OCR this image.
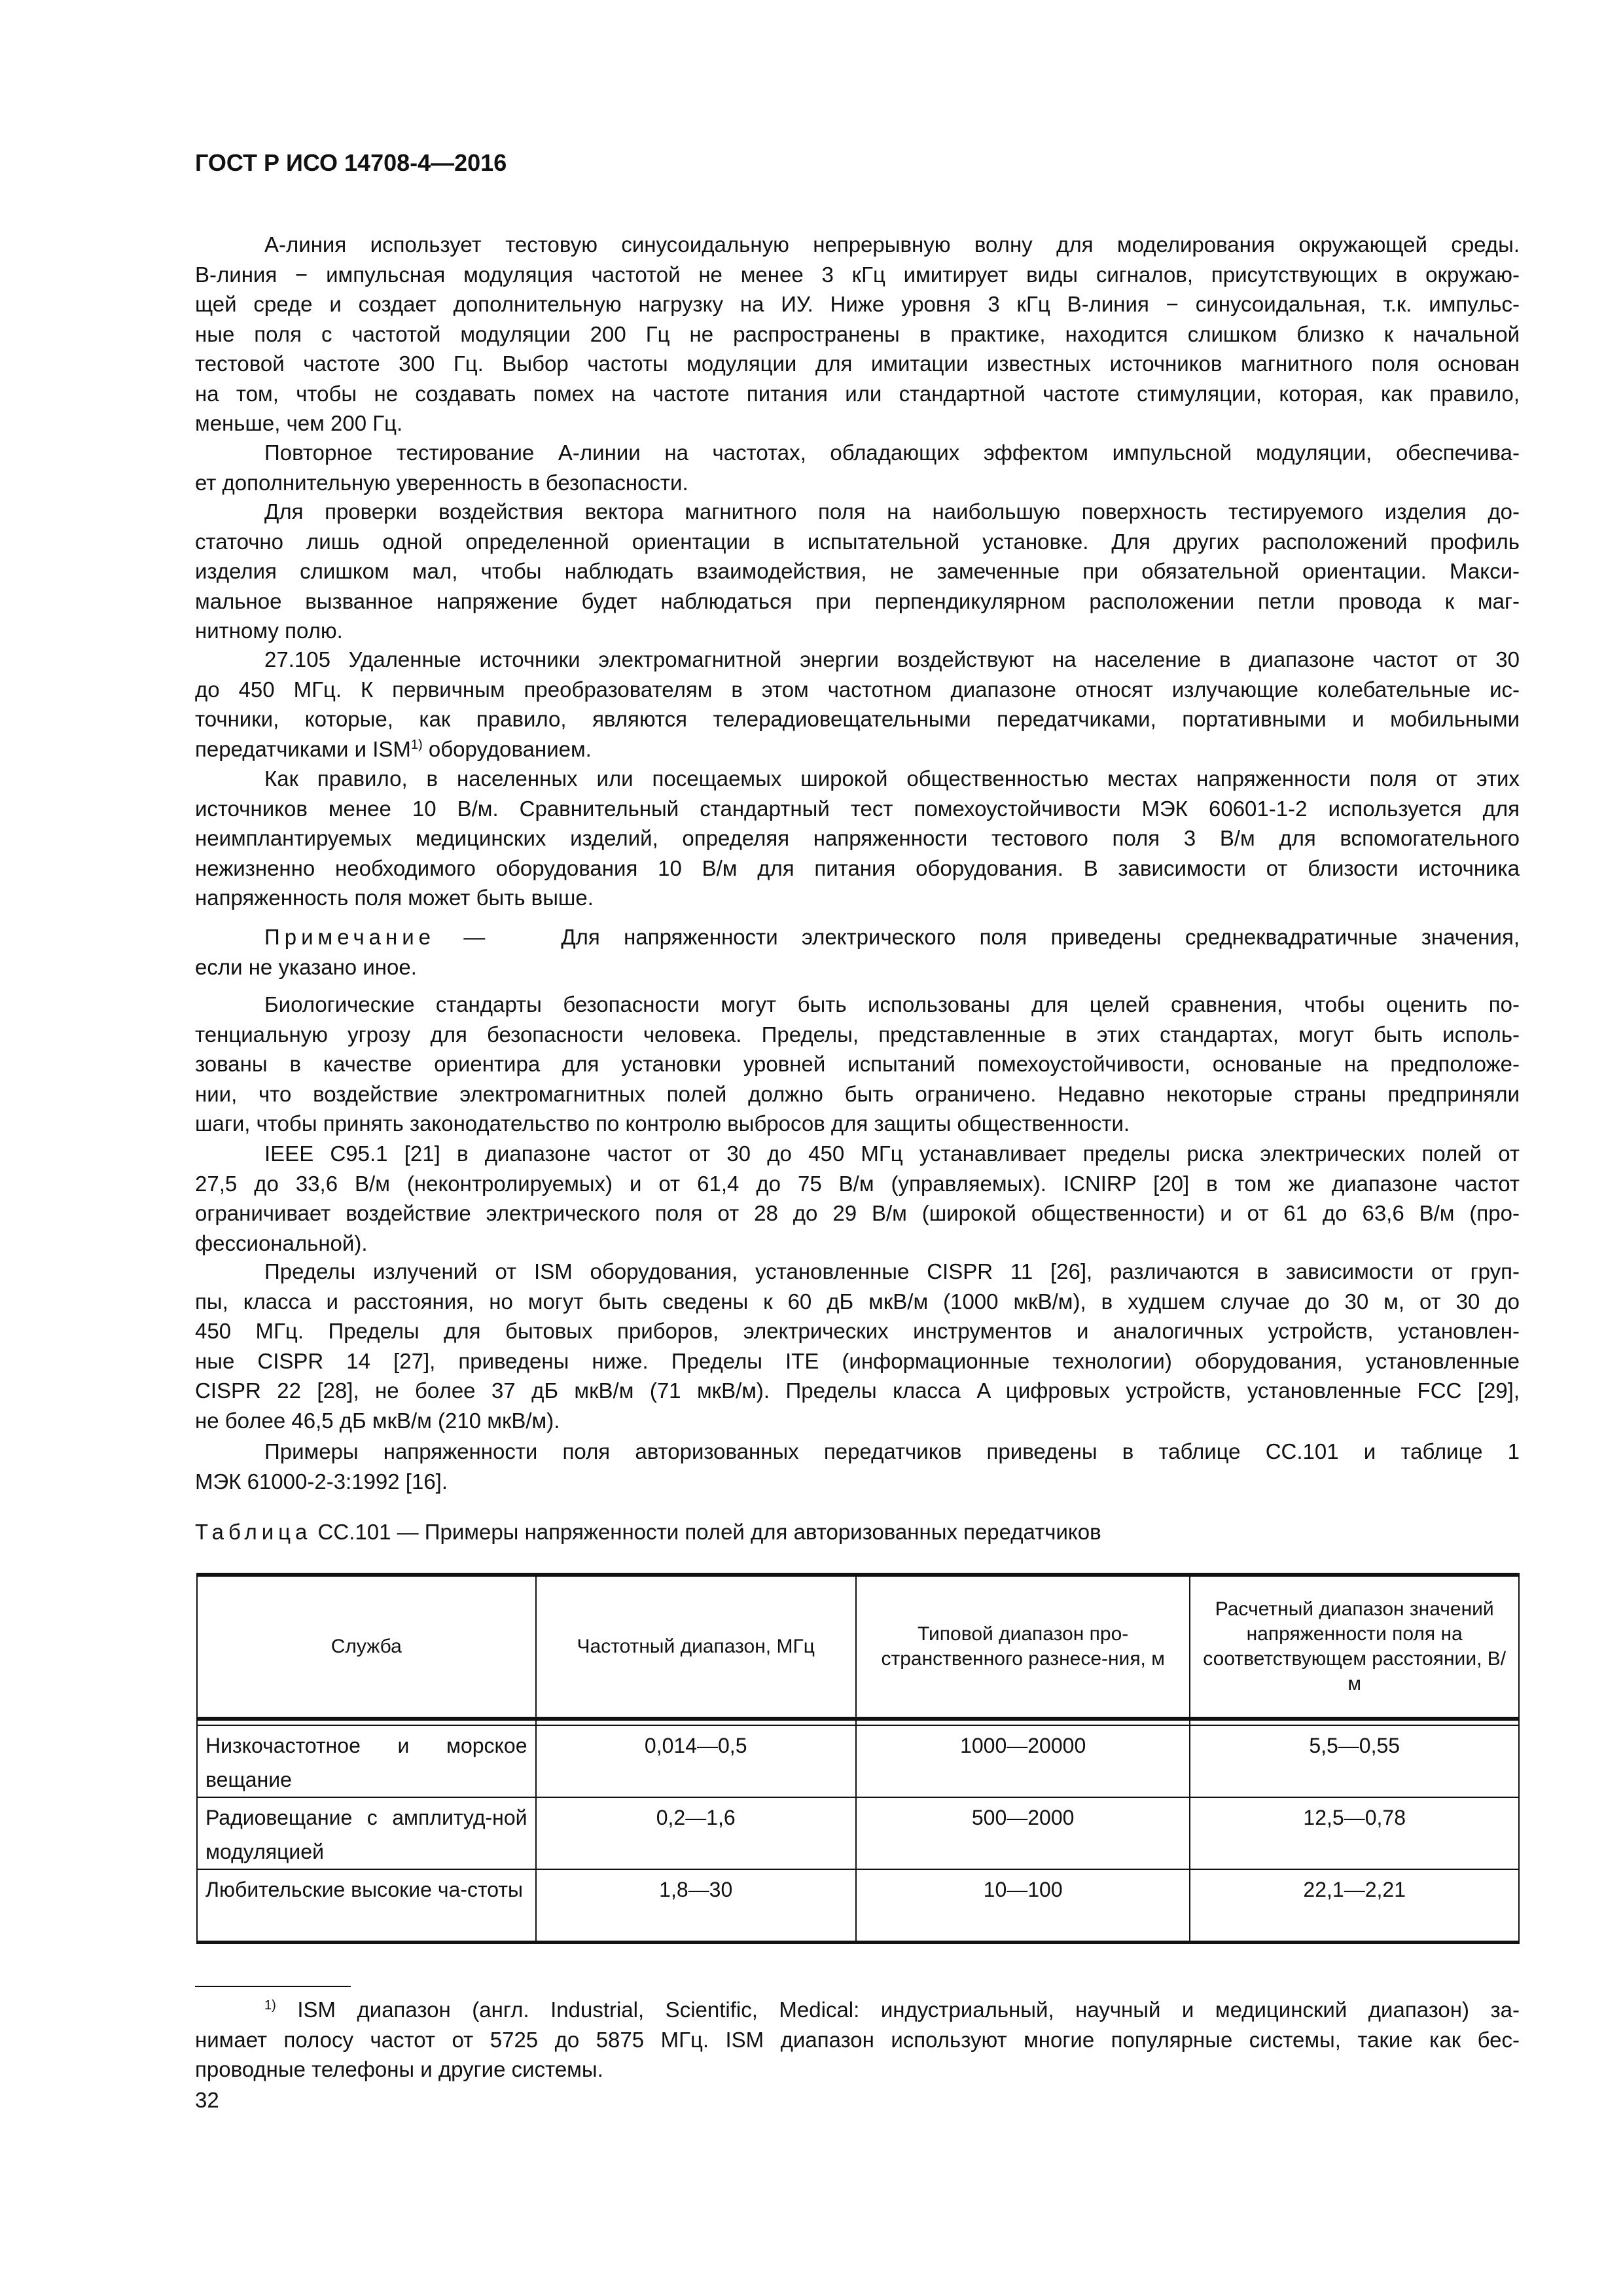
ГОСТ Р ИСО 14708-4—2016
A-линия использует тестовую синусоидальную непрерывную волну для моделирования окружающей среды.
B-линия − импульсная модуляция частотой не менее 3 кГц имитирует виды сигналов, присутствующих в окружаю-
щей среде и создает дополнительную нагрузку на ИУ. Ниже уровня 3 кГц B-линия − синусоидальная, т.к. импульс-
ные поля с частотой модуляции 200 Гц не распространены в практике, находится слишком близко к начальной
тестовой частоте 300 Гц. Выбор частоты модуляции для имитации известных источников магнитного поля основан
на том, чтобы не создавать помех на частоте питания или стандартной частоте стимуляции, которая, как правило,
меньше, чем 200 Гц.
Повторное тестирование A-линии на частотах, обладающих эффектом импульсной модуляции, обеспечива-
ет дополнительную уверенность в безопасности.
Для проверки воздействия вектора магнитного поля на наибольшую поверхность тестируемого изделия до-
статочно лишь одной определенной ориентации в испытательной установке. Для других расположений профиль
изделия слишком мал, чтобы наблюдать взаимодействия, не замеченные при обязательной ориентации. Макси-
мальное вызванное напряжение будет наблюдаться при перпендикулярном расположении петли провода к маг-
нитному полю.
27.105 Удаленные источники электромагнитной энергии воздействуют на население в диапазоне частот от 30
до 450 МГц. К первичным преобразователям в этом частотном диапазоне относят излучающие колебательные ис-
точники, которые, как правило, являются телерадиовещательными передатчиками, портативными и мобильными
передатчиками и ISM$^{1)}$ оборудованием.
Как правило, в населенных или посещаемых широкой общественностью местах напряженности поля от этих
источников менее 10 В/м. Сравнительный стандартный тест помехоустойчивости МЭК 60601-1-2 используется для
неимплантируемых медицинских изделий, определяя напряженности тестового поля 3 В/м для вспомогательного
нежизненно необходимого оборудования 10 В/м для питания оборудования. В зависимости от близости источника
напряженность поля может быть выше.
Примечание —	Для напряженности электрического поля приведены среднеквадратичные значения,
если не указано иное.
Биологические стандарты безопасности могут быть использованы для целей сравнения, чтобы оценить по-
тенциальную угрозу для безопасности человека. Пределы, представленные в этих стандартах, могут быть исполь-
зованы в качестве ориентира для установки уровней испытаний помехоустойчивости, основаные на предположе-
нии, что воздействие электромагнитных полей должно быть ограничено. Недавно некоторые страны предприняли
шаги, чтобы принять законодательство по контролю выбросов для защиты общественности.
IEEE C95.1 [21] в диапазоне частот от 30 до 450 МГц устанавливает пределы риска электрических полей от
27,5 до 33,6 В/м (неконтролируемых) и от 61,4 до 75 В/м (управляемых). ICNIRP [20] в том же диапазоне частот
ограничивает воздействие электрического поля от 28 до 29 В/м (широкой общественности) и от 61 до 63,6 В/м (про-
фессиональной).
Пределы излучений от ISM оборудования, установленные CISPR 11 [26], различаются в зависимости от груп-
пы, класса и расстояния, но могут быть сведены к 60 дБ мкВ/м (1000 мкВ/м), в худшем случае до 30 м, от 30 до
450 МГц. Пределы для бытовых приборов, электрических инструментов и аналогичных устройств, установлен-
ные CISPR 14 [27], приведены ниже. Пределы ITE (информационные технологии) оборудования, установленные
CISPR 22 [28], не более 37 дБ мкВ/м (71 мкВ/м). Пределы класса A цифровых устройств, установленные FCC [29],
не более 46,5 дБ мкВ/м (210 мкВ/м).
Примеры напряженности поля авторизованных передатчиков приведены в таблице СС.101 и таблице 1
МЭК 61000-2-3:1992 [16].
Таблица СС.101 — Примеры напряженности полей для авторизованных передатчиков
Служба	Частотный диапазон, МГц	Типовой диапазон про-странственного разнесе-ния, м	Расчетный диапазон значений напряженности поля на соответствующем расстоянии, В/м

Низкочастотное и морское вещание	0,014—0,5	1000—20000	5,5—0,55
Радиовещание с амплитуд-ной модуляцией	0,2—1,6	500—2000	12,5—0,78
Любительские высокие ча-стоты	1,8—30	10—100	22,1—2,21
$^{1)}$ ISM диапазон (англ. Industrial, Scientific, Medical: индустриальный, научный и медицинский диапазон) за-
нимает полосу частот от 5725 до 5875 МГц. ISM диапазон используют многие популярные системы, такие как бес-
проводные телефоны и другие системы.
32
